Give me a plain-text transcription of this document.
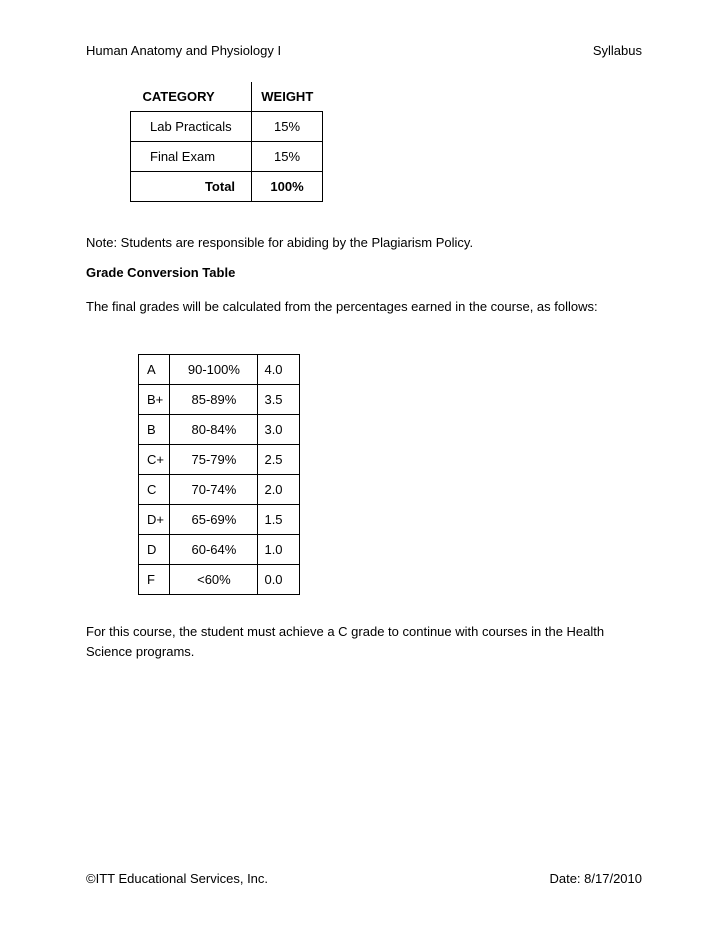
Human Anatomy and Physiology I	Syllabus
CATEGORY	WEIGHT
Lab Practicals	15%
Final Exam	15%
Total	100%
Note: Students are responsible for abiding by the Plagiarism Policy.
Grade Conversion Table
The final grades will be calculated from the percentages earned in the course, as follows:
A	90-100%	4.0
B+	85-89%	3.5
B	80-84%	3.0
C+	75-79%	2.5
C	70-74%	2.0
D+	65-69%	1.5
D	60-64%	1.0
F	<60%	0.0
For this course, the student must achieve a C grade to continue with courses in the Health Science programs.
©ITT Educational Services, Inc.	Date: 8/17/2010
